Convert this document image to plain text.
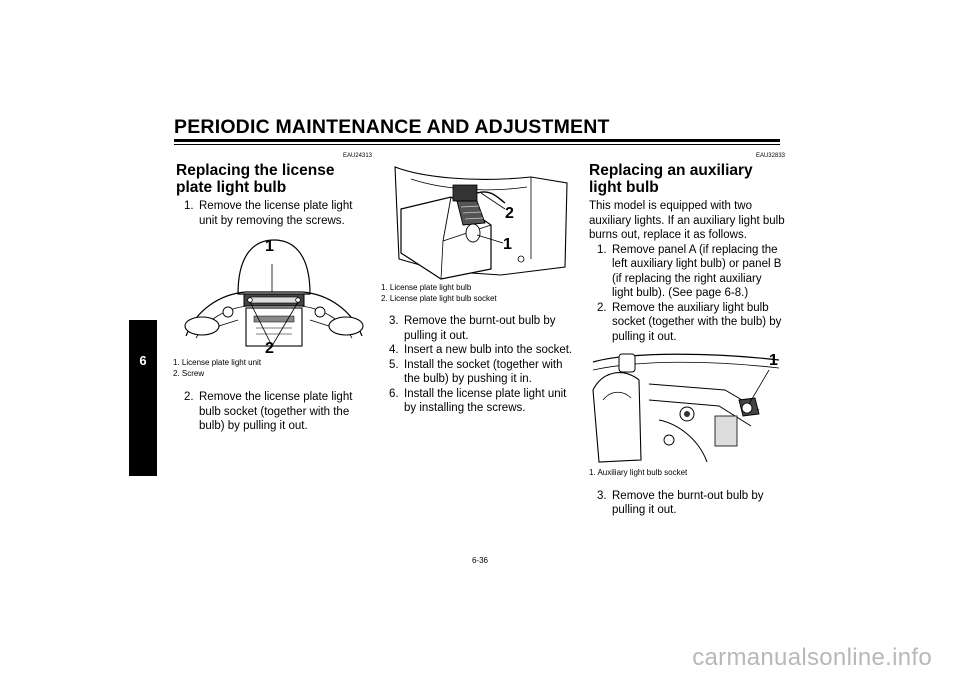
PERIODIC MAINTENANCE AND ADJUSTMENT
6
EAU24313
Replacing the license plate light bulb
1. Remove the license plate light unit by removing the screws.
1
2
1. License plate light unit
2. Screw
2. Remove the license plate light bulb socket (together with the bulb) by pulling it out.
2
1
1. License plate light bulb
2. License plate light bulb socket
3. Remove the burnt-out bulb by pulling it out.
4. Insert a new bulb into the socket.
5. Install the socket (together with the bulb) by pushing it in.
6. Install the license plate light unit by installing the screws.
EAU32833
Replacing an auxiliary light bulb

This model is equipped with two auxiliary lights. If an auxiliary light bulb burns out, replace it as follows.

1. Remove panel A (if replacing the left auxiliary light bulb) or panel B (if replacing the right auxiliary light bulb). (See page 6-8.)
2. Remove the auxiliary light bulb socket (together with the bulb) by pulling it out.
1
1. Auxiliary light bulb socket
3. Remove the burnt-out bulb by pulling it out.
6-36
carmanualsonline.info
